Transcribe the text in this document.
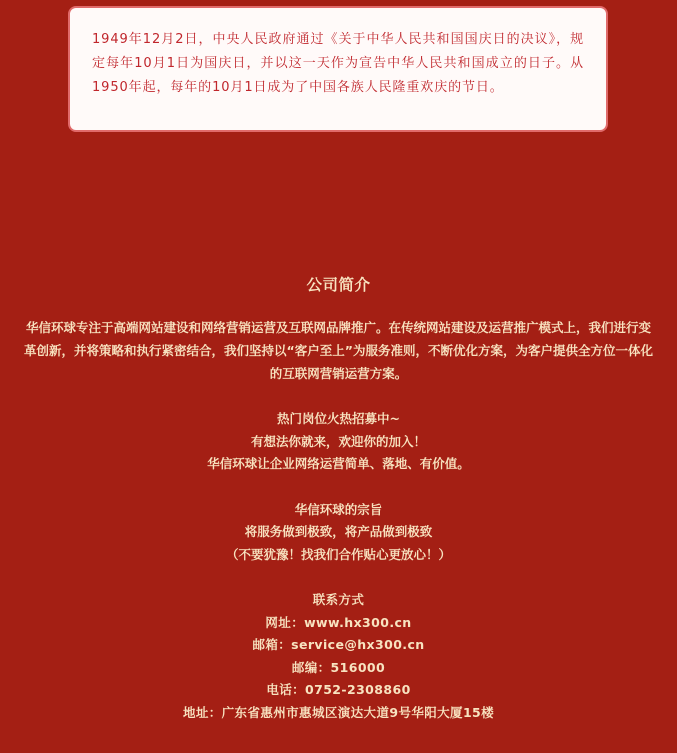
1949年12月2日，中央人民政府通过《关于中华人民共和国国庆日的决议》，规定每年10月1日为国庆日，并以这一天作为宣告中华人民共和国成立的日子。从1950年起，每年的10月1日成为了中国各族人民隆重欢庆的节日。

公司简介
华信环球专注于高端网站建设和网络营销运营及互联网品牌推广。在传统网站建设及运营推广模式上，我们进行变革创新，并将策略和执行紧密结合，我们坚持以“客户至上”为服务准则，不断优化方案，为客户提供全方位一体化的互联网营销运营方案。
热门岗位火热招募中~
有想法你就来，欢迎你的加入！
华信环球让企业网络运营简单、落地、有价值。
华信环球的宗旨
将服务做到极致，将产品做到极致
（不要犹豫！找我们合作贴心更放心！）
联系方式
网址：www.hx300.cn
邮箱：service@hx300.cn
邮编：516000
电话：0752-2308860
地址：广东省惠州市惠城区演达大道9号华阳大厦15楼
